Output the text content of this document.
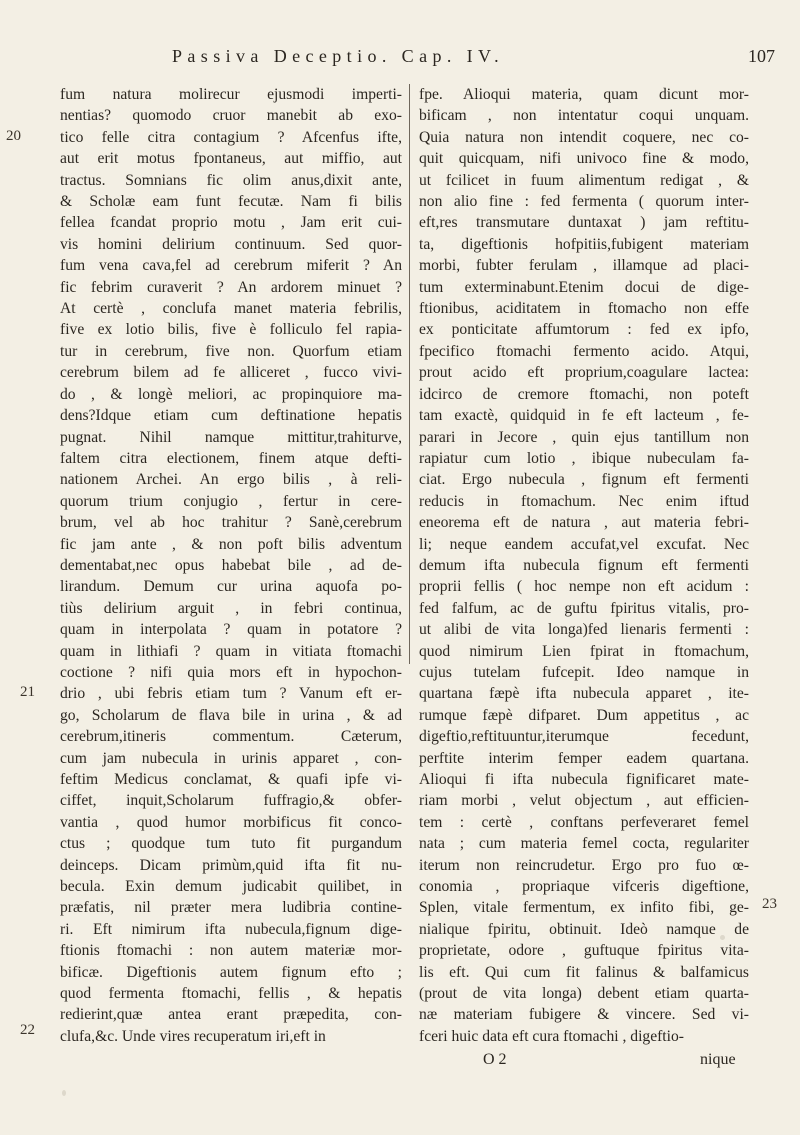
Passiva Deceptio. Cap. IV.	107
fum natura molirecur ejusmodi imperti-
nentias? quomodo cruor manebit ab exo-
tico felle citra contagium ? Afcenfus ifte,
aut erit motus fpontaneus, aut miffio, aut
tractus. Somnians fic olim anus,dixit ante,
& Scholæ eam funt fecutæ. Nam fi bilis
fellea fcandat proprio motu , Jam erit cui-
vis homini delirium continuum. Sed quor-
fum vena cava,fel ad cerebrum miferit ? An
fic febrim curaverit ? An ardorem minuet ?
At certè , conclufa manet materia febrilis,
five ex lotio bilis, five è folliculo fel rapia-
tur in cerebrum, five non. Quorfum etiam
cerebrum bilem ad fe alliceret , fucco vivi-
do , & longè meliori, ac propinquiore ma-
dens?Idque etiam cum deftinatione hepatis
pugnat. Nihil namque mittitur,trahiturve,
faltem citra electionem, finem atque defti-
nationem Archei. An ergo bilis , à reli-
quorum trium conjugio , fertur in cere-
brum, vel ab hoc trahitur ? Sanè,cerebrum
fic jam ante , & non poft bilis adventum
dementabat,nec opus habebat bile , ad de-
lirandum. Demum cur urina aquofa po-
tiùs delirium arguit , in febri continua,
quam in interpolata ? quam in potatore ?
quam in lithiafi ? quam in vitiata ftomachi
coctione ? nifi quia mors eft in hypochon-
drio , ubi febris etiam tum ? Vanum eft er-
go, Scholarum de flava bile in urina , & ad
cerebrum,itineris commentum. Cæterum,
cum jam nubecula in urinis apparet , con-
feftim Medicus conclamat, & quafi ipfe vi-
ciffet, inquit,Scholarum fuffragio,& obfer-
vantia , quod humor morbificus fit conco-
ctus ; quodque tum tuto fit purgandum
deinceps. Dicam primùm,quid ifta fit nu-
becula. Exin demum judicabit quilibet, in
præfatis, nil præter mera ludibria contine-
ri. Eft nimirum ifta nubecula,fignum dige-
ftionis ftomachi : non autem materiæ mor-
bificæ. Digeftionis autem fignum efto ;
quod fermenta ftomachi, fellis , & hepatis
redierint,quæ antea erant præpedita, con-
clufa,&c. Unde vires recuperatum iri,eft in
fpe. Alioqui materia, quam dicunt mor-
bificam , non intentatur coqui unquam.
Quia natura non intendit coquere, nec co-
quit quicquam, nifi univoco fine & modo,
ut fcilicet in fuum alimentum redigat , &
non alio fine : fed fermenta ( quorum inter-
eft,res transmutare duntaxat ) jam reftitu-
ta, digeftionis hofpitiis,fubigent materiam
morbi, fubter ferulam , illamque ad placi-
tum exterminabunt.Etenim docui de dige-
ftionibus, aciditatem in ftomacho non effe
ex ponticitate affumtorum : fed ex ipfo,
fpecifico ftomachi fermento acido. Atqui,
prout acido eft proprium,coagulare lactea:
idcirco de cremore ftomachi, non poteft
tam exactè, quidquid in fe eft lacteum , fe-
parari in Jecore , quin ejus tantillum non
rapiatur cum lotio , ibique nubeculam fa-
ciat. Ergo nubecula , fignum eft fermenti
reducis in ftomachum. Nec enim iftud
eneorema eft de natura , aut materia febri-
li; neque eandem accufat,vel excufat. Nec
demum ifta nubecula fignum eft fermenti
proprii fellis ( hoc nempe non eft acidum :
fed falfum, ac de guftu fpiritus vitalis, pro-
ut alibi de vita longa)fed lienaris fermenti :
quod nimirum Lien fpirat in ftomachum,
cujus tutelam fufcepit. Ideo namque in
quartana fæpè ifta nubecula apparet , ite-
rumque fæpè difparet. Dum appetitus , ac
digeftio,reftituuntur,iterumque fecedunt,
perftite interim femper eadem quartana.
Alioqui fi ifta nubecula fignificaret mate-
riam morbi , velut objectum , aut efficien-
tem : certè , conftans perfeveraret femel
nata ; cum materia femel cocta, regulariter
iterum non reincrudetur. Ergo pro fuo œ-
conomia , propriaque vifceris digeftione,
Splen, vitale fermentum, ex infito fibi, ge-
nialique fpiritu, obtinuit. Ideò namque de
proprietate, odore , guftuque fpiritus vita-
lis eft. Qui cum fit falinus & balfamicus
(prout de vita longa) debent etiam quarta-
næ materiam fubigere & vincere. Sed vi-
fceri huic data eft cura ftomachi , digeftio-
20
21
22
23
O 2	nique
